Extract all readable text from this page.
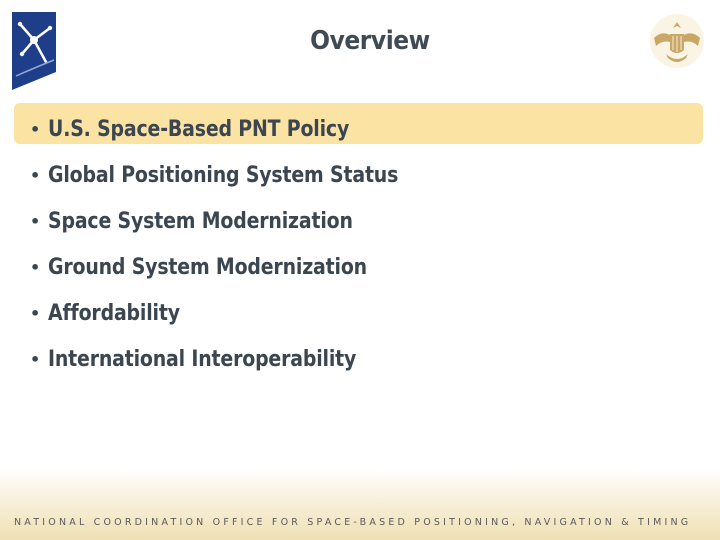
Overview
• U.S. Space-Based PNT Policy
• Global Positioning System Status
• Space System Modernization
• Ground System Modernization
• Affordability
• International Interoperability
NATIONAL COORDINATION OFFICE FOR SPACE-BASED POSITIONING, NAVIGATION & TIMING
